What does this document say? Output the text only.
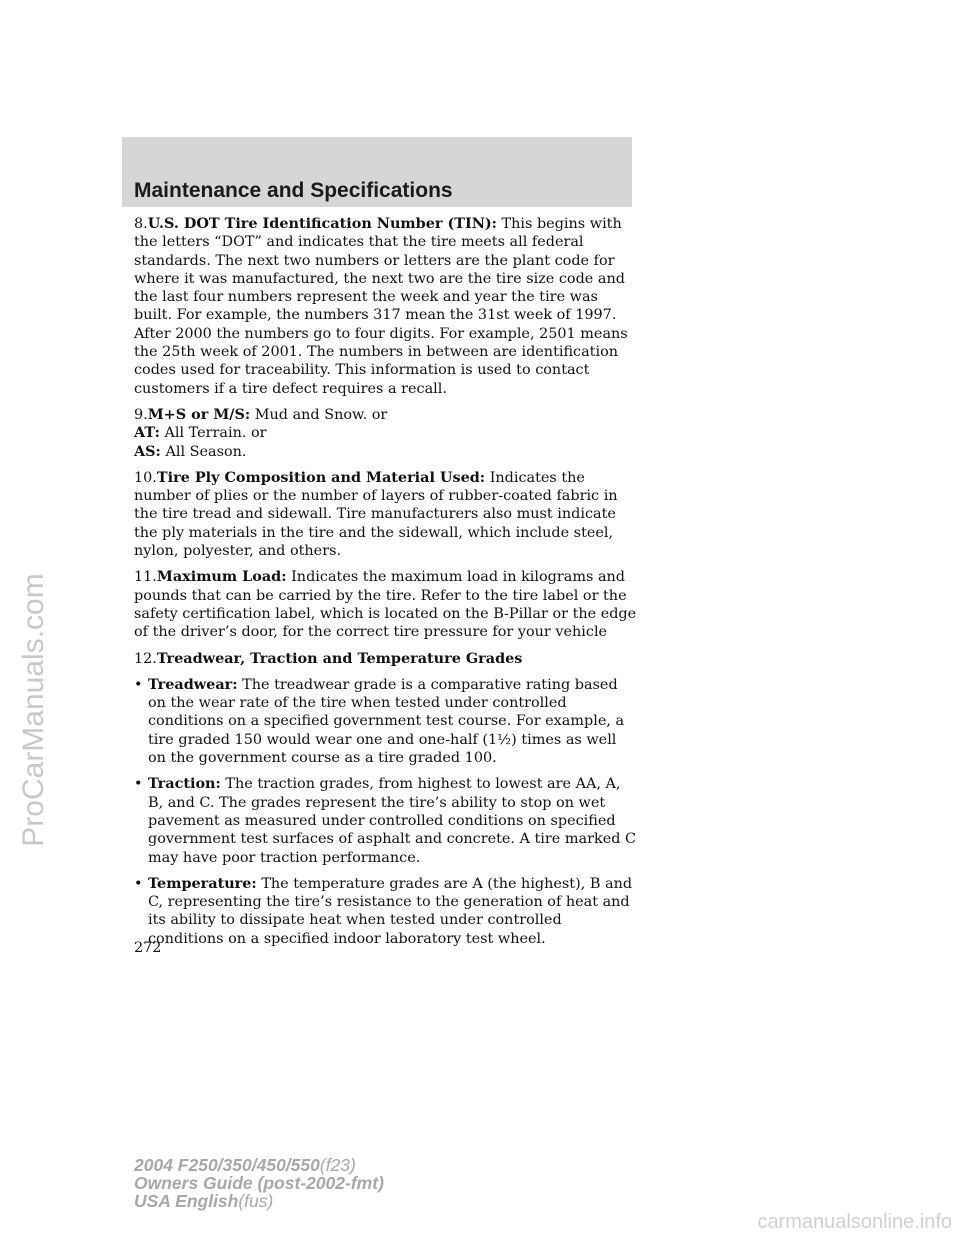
Maintenance and Specifications
ProCarManuals.com

8.U.S. DOT Tire Identification Number (TIN): This begins with the letters “DOT” and indicates that the tire meets all federal standards. The next two numbers or letters are the plant code for where it was manufactured, the next two are the tire size code and the last four numbers represent the week and year the tire was built. For example, the numbers 317 mean the 31st week of 1997. After 2000 the numbers go to four digits. For example, 2501 means the 25th week of 2001. The numbers in between are identification codes used for traceability. This information is used to contact customers if a tire defect requires a recall.

9.M+S or M/S: Mud and Snow. or

AT: All Terrain. or

AS: All Season.

10.Tire Ply Composition and Material Used: Indicates the number of plies or the number of layers of rubber-coated fabric in the tire tread and sidewall. Tire manufacturers also must indicate the ply materials in the tire and the sidewall, which include steel, nylon, polyester, and others.

11.Maximum Load: Indicates the maximum load in kilograms and pounds that can be carried by the tire. Refer to the tire label or the safety certification label, which is located on the B-Pillar or the edge of the driver’s door, for the correct tire pressure for your vehicle

12.Treadwear, Traction and Temperature Grades

• Treadwear: The treadwear grade is a comparative rating based on the wear rate of the tire when tested under controlled conditions on a specified government test course. For example, a tire graded 150 would wear one and one-half (1½) times as well on the government course as a tire graded 100.
• Traction: The traction grades, from highest to lowest are AA, A, B, and C. The grades represent the tire’s ability to stop on wet pavement as measured under controlled conditions on specified government test surfaces of asphalt and concrete. A tire marked C may have poor traction performance.
• Temperature: The temperature grades are A (the highest), B and C, representing the tire’s resistance to the generation of heat and its ability to dissipate heat when tested under controlled conditions on a specified indoor laboratory test wheel.
272
2004 F250/350/450/550(f23)
Owners Guide (post-2002-fmt)
USA English(fus)
carmanualsonline.info
